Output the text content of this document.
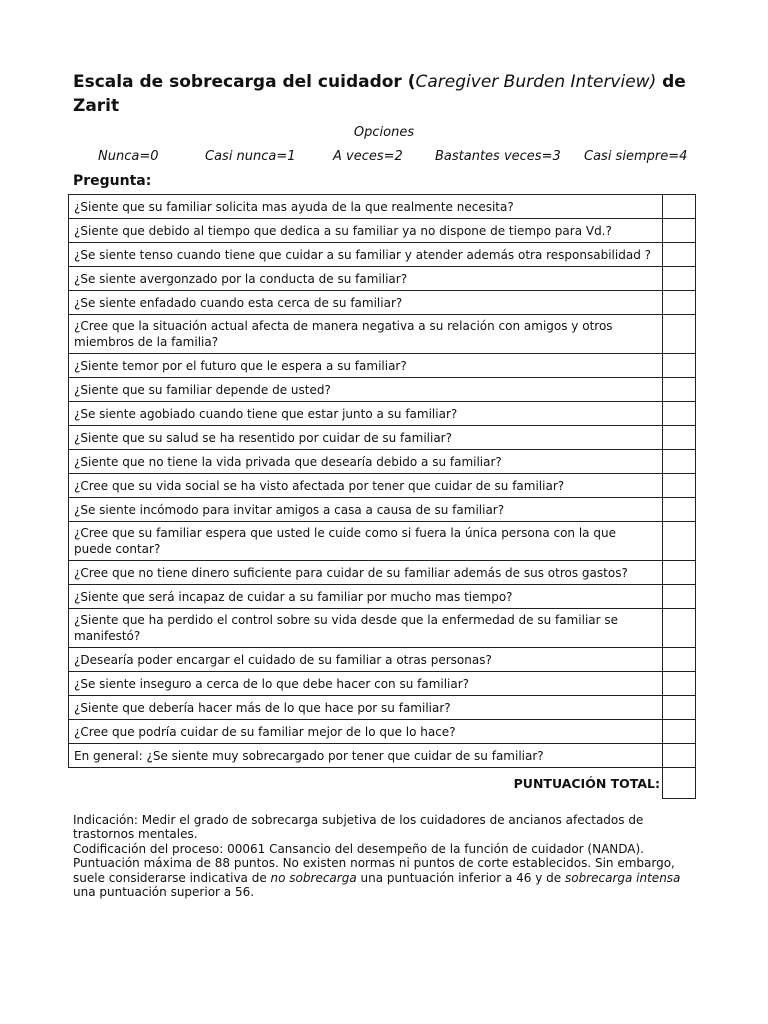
Escala de sobrecarga del cuidador (Caregiver Burden Interview) de Zarit
Opciones
Nunca=0	Casi nunca=1	A veces=2 Bastantes veces=3 Casi siempre=4
Pregunta:
¿Siente que su familiar solicita mas ayuda de la que realmente necesita?	
¿Siente que debido al tiempo que dedica a su familiar ya no dispone de tiempo para Vd.?	
¿Se siente tenso cuando tiene que cuidar a su familiar y atender además otra responsabilidad ?	
¿Se siente avergonzado por la conducta de su familiar?	
¿Se siente enfadado cuando esta cerca de su familiar?	
¿Cree que la situación actual afecta de manera negativa a su relación con amigos y otros miembros de la familia?	
¿Siente temor por el futuro que le espera a su familiar?	
¿Siente que su familiar depende de usted?	
¿Se siente agobiado cuando tiene que estar junto a su familiar?	
¿Siente que su salud se ha resentido por cuidar de su familiar?	
¿Siente que no tiene la vida privada que desearía debido a su familiar?	
¿Cree que su vida social se ha visto afectada por tener que cuidar de su familiar?	
¿Se siente incómodo para invitar amigos a casa a causa de su familiar?	
¿Cree que su familiar espera que usted le cuide como si fuera la única persona con la que puede contar?	
¿Cree que no tiene dinero suficiente para cuidar de su familiar además de sus otros gastos?	
¿Siente que será incapaz de cuidar a su familiar por mucho mas tiempo?	
¿Siente que ha perdido el control sobre su vida desde que la enfermedad de su familiar se manifestó?	
¿Desearía poder encargar el cuidado de su familiar a otras personas?	
¿Se siente inseguro a cerca de lo que debe hacer con su familiar?	
¿Siente que debería hacer más de lo que hace por su familiar?	
¿Cree que podría cuidar de su familiar mejor de lo que lo hace?	
En general: ¿Se siente muy sobrecargado por tener que cuidar de su familiar?	
PUNTUACIÓN TOTAL:	

Indicación: Medir el grado de sobrecarga subjetiva de los cuidadores de ancianos afectados de trastornos mentales.

Codificación del proceso: 00061 Cansancio del desempeño de la función de cuidador (NANDA).

Puntuación máxima de 88 puntos. No existen normas ni puntos de corte establecidos. Sin embargo, suele considerarse indicativa de no sobrecarga una puntuación inferior a 46 y de sobrecarga intensa una puntuación superior a 56.
